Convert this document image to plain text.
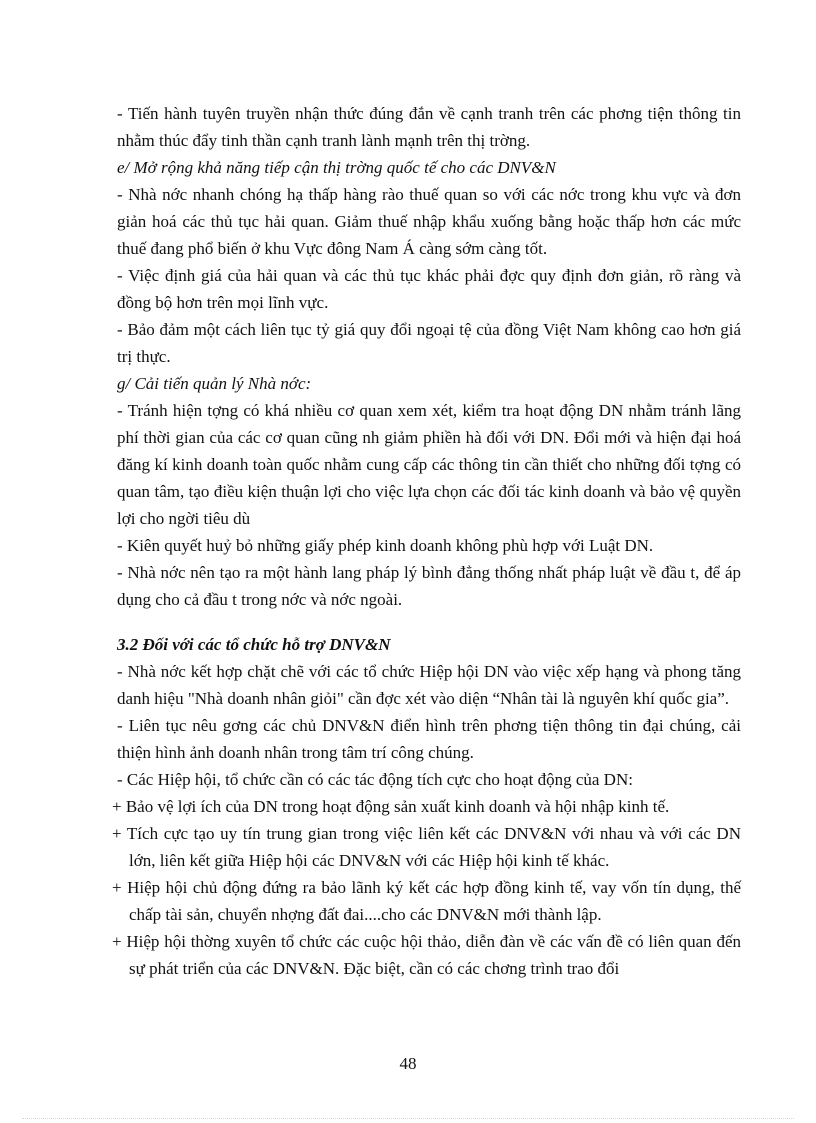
- Tiến hành tuyên truyền nhận thức đúng đắn về cạnh tranh trên các phơng tiện thông tin nhằm thúc đẩy tinh thần cạnh tranh lành mạnh trên thị trờng.

e/ Mở rộng khả năng tiếp cận thị trờng quốc tế cho các DNV&N

- Nhà nớc nhanh chóng hạ thấp hàng rào thuế quan so với các nớc trong khu vực và đơn giản hoá các thủ tục hải quan. Giảm thuế nhập khẩu xuống bằng hoặc thấp hơn các mức thuế đang phổ biến ở khu Vực đông Nam Á càng sớm càng tốt.

- Việc định giá của hải quan và các thủ tục khác phải đợc quy định đơn giản, rõ ràng và đồng bộ hơn trên mọi lĩnh vực.

- Bảo đảm một cách liên tục tỷ giá quy đổi ngoại tệ của đồng Việt Nam không cao hơn giá trị thực.

g/ Cải tiến quản lý Nhà nớc:

- Tránh hiện tợng có khá nhiều cơ quan xem xét, kiểm tra hoạt động DN nhằm tránh lãng phí thời gian của các cơ quan cũng nh giảm phiền hà đối với DN. Đổi mới và hiện đại hoá đăng kí kinh doanh toàn quốc nhằm cung cấp các thông tin cần thiết cho những đối tợng có quan tâm, tạo điều kiện thuận lợi cho việc lựa chọn các đối tác kinh doanh và bảo vệ quyền lợi cho ngời tiêu dù

- Kiên quyết huỷ bỏ những giấy phép kinh doanh không phù hợp với Luật DN.

- Nhà nớc nên tạo ra một hành lang pháp lý bình đẳng thống nhất pháp luật về đầu t, để áp dụng cho cả đầu t trong nớc và nớc ngoài.

3.2 Đối với các tổ chức hỗ trợ DNV&N

- Nhà nớc kết hợp chặt chẽ với các tổ chức Hiệp hội DN vào việc xếp hạng và phong tăng danh hiệu "Nhà doanh nhân giỏi" cần đợc xét vào diện “Nhân tài là nguyên khí quốc gia”.

- Liên tục nêu gơng các chủ DNV&N điển hình trên phơng tiện thông tin đại chúng, cải thiện hình ảnh doanh nhân trong tâm trí công chúng.

- Các Hiệp hội, tổ chức cần có các tác động tích cực cho hoạt động của DN:

+ Bảo vệ lợi ích của DN trong hoạt động sản xuất kinh doanh và hội nhập kinh tế.

+ Tích cực tạo uy tín trung gian trong việc liên kết các DNV&N với nhau và với các DN lớn, liên kết giữa Hiệp hội các DNV&N với các Hiệp hội kinh tế khác.

+ Hiệp hội chủ động đứng ra bảo lãnh ký kết các hợp đồng kinh tế, vay vốn tín dụng, thế chấp tài sản, chuyển nhợng đất đai....cho các DNV&N mới thành lập.

+ Hiệp hội thờng xuyên tổ chức các cuộc hội thảo, diễn đàn về các vấn đề có liên quan đến sự phát triển của các DNV&N. Đặc biệt, cần có các chơng trình trao đổi

48
